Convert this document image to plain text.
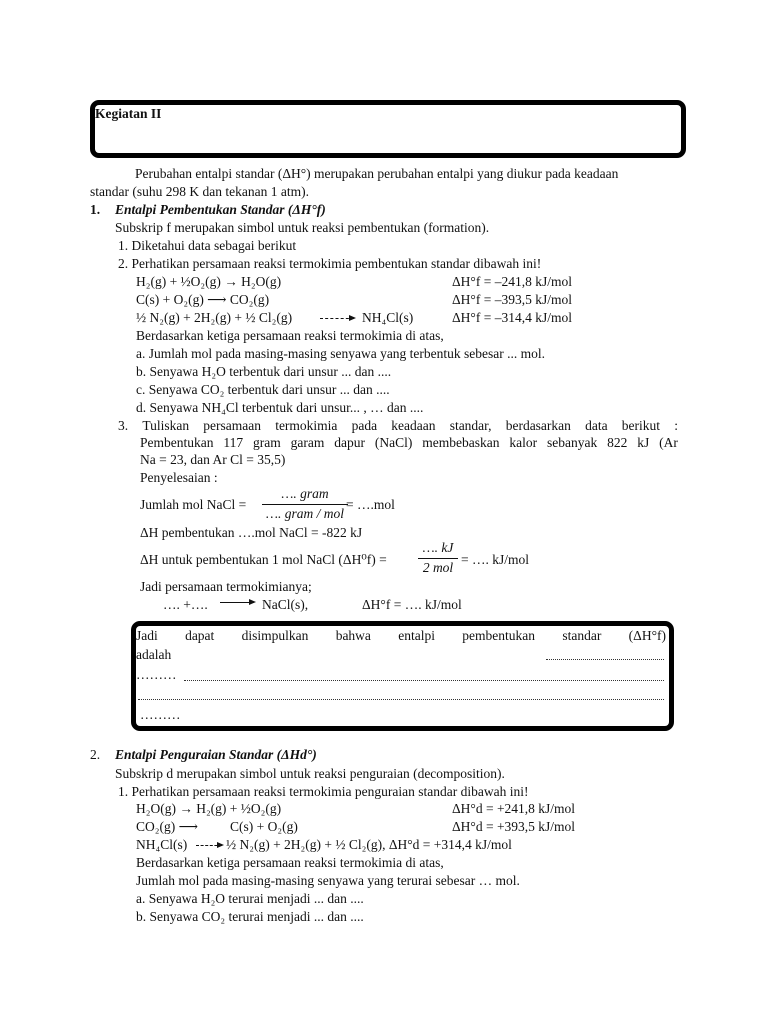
Kegiatan II
Perubahan entalpi standar (ΔH°) merupakan perubahan entalpi yang diukur pada keadaan
standar (suhu 298 K dan tekanan 1 atm).
1. Entalpi Pembentukan Standar (ΔH°f)
Subskrip f merupakan simbol untuk reaksi pembentukan (formation).
1. Diketahui data sebagai berikut
2. Perhatikan persamaan reaksi termokimia pembentukan standar dibawah ini!
H₂(g) + ½O₂(g) → H₂O(g)	ΔH°f = –241,8 kJ/mol
C(s) + O₂(g) ⟶ CO₂(g)	ΔH°f = –393,5 kJ/mol
½ N₂(g) + 2H₂(g) + ½ Cl₂(g) → NH₄Cl(s)	ΔH°f = –314,4 kJ/mol
Berdasarkan ketiga persamaan reaksi termokimia di atas,
a. Jumlah mol pada masing-masing senyawa yang terbentuk sebesar ... mol.
b. Senyawa H₂O terbentuk dari unsur ... dan ....
c. Senyawa CO₂ terbentuk dari unsur ... dan ....
d. Senyawa NH₄Cl terbentuk dari unsur... , … dan ....
3. Tuliskan persamaan termokimia pada keadaan standar, berdasarkan data berikut :
Pembentukan 117 gram garam dapur (NaCl) membebaskan kalor sebanyak 822 kJ (Ar
Na = 23, dan Ar Cl = 35,5)
Penyelesaian :
Jumlah mol NaCl =
…. gram
…. gram / mol
= ….mol
ΔH pembentukan ….mol NaCl = -822 kJ
ΔH untuk pembentukan 1 mol NaCl (ΔH⁰f) =
…. kJ
2 mol
= …. kJ/mol
Jadi persamaan termokimianya;
…. +…. → NaCl(s),	ΔH°f = …. kJ/mol
Jadi dapat disimpulkan bahwa entalpi pembentukan standar (ΔH°f)
adalah
………
………
2. Entalpi Penguraian Standar (ΔHd°)
Subskrip d merupakan simbol untuk reaksi penguraian (decomposition).
1. Perhatikan persamaan reaksi termokimia penguraian standar dibawah ini!
H₂O(g) → H₂(g) + ½O₂(g)	ΔH°d = +241,8 kJ/mol
CO₂(g) ⟶ C(s) + O₂(g)	ΔH°d = +393,5 kJ/mol
NH₄Cl(s) → ½ N₂(g) + 2H₂(g) + ½ Cl₂(g), ΔH°d = +314,4 kJ/mol
Berdasarkan ketiga persamaan reaksi termokimia di atas,
Jumlah mol pada masing-masing senyawa yang terurai sebesar … mol.
a. Senyawa H₂O terurai menjadi ... dan ....
b. Senyawa CO₂ terurai menjadi ... dan ....
